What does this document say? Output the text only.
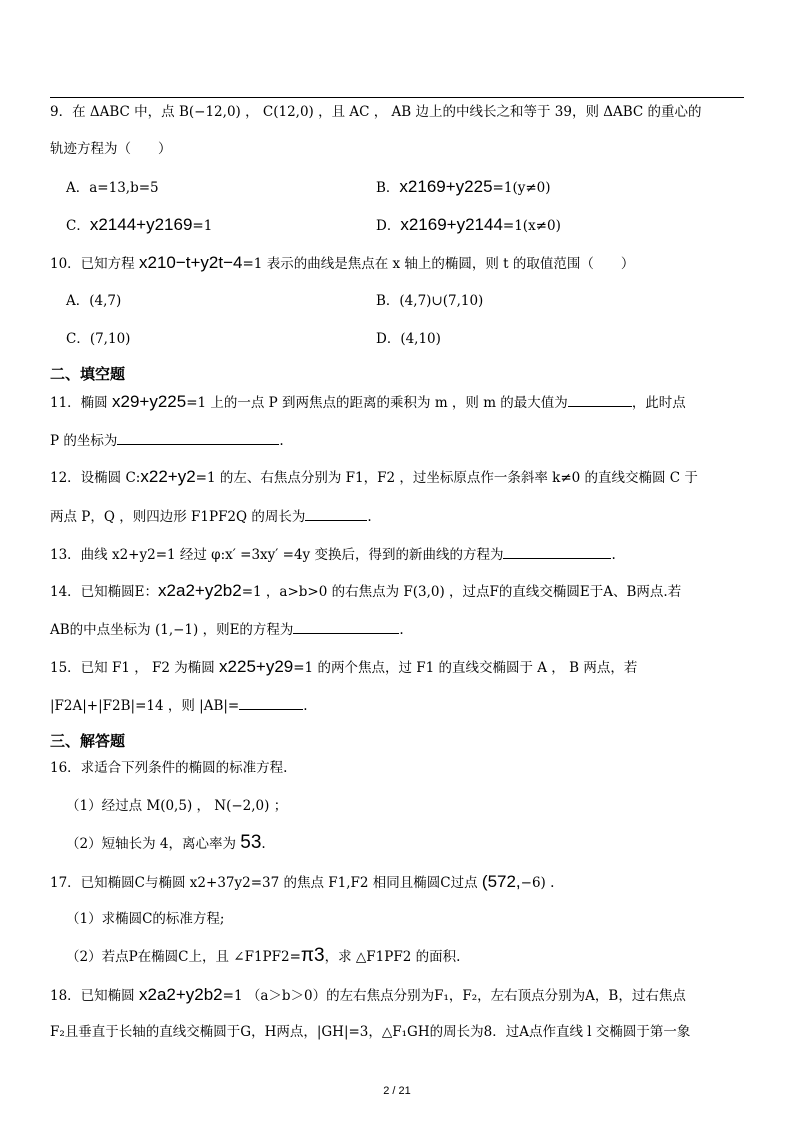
9．在 ΔABC 中，点 B(−12,0) ， C(12,0) ，且 AC ， AB 边上的中线长之和等于 39，则 ΔABC 的重心的
轨迹方程为（　　）
A．a=13,b=5	B．x2169+y225=1(y≠0)
C．x2144+y2169=1	D．x2169+y2144=1(x≠0)
10．已知方程 x210−t+y2t−4=1 表示的曲线是焦点在 x 轴上的椭圆，则 t 的取值范围（　　）
A．(4,7)	B．(4,7)∪(7,10)
C．(7,10)	D．(4,10)
二、填空题
11．椭圆 x29+y225=1 上的一点 P 到两焦点的距离的乘积为 m ，则 m 的最大值为	，此时点
P 的坐标为	.
12．设椭圆 C:x22+y2=1 的左、右焦点分别为 F1，F2 ，过坐标原点作一条斜率 k≠0 的直线交椭圆 C 于
两点 P，Q ，则四边形 F1PF2Q 的周长为	.
13．曲线 x2+y2=1 经过 φ:x′ =3xy′ =4y 变换后，得到的新曲线的方程为	.
14．已知椭圆E：x2a2+y2b2=1 ，a>b>0 的右焦点为 F(3,0) ，过点F的直线交椭圆E于A、B两点.若
AB的中点坐标为 (1,−1) ，则E的方程为	.
15．已知 F1 ， F2 为椭圆 x225+y29=1 的两个焦点，过 F1 的直线交椭圆于 A ， B 两点，若
|F2A|+|F2B|=14 ，则 |AB|=	.
三、解答题
16．求适合下列条件的椭圆的标准方程.
（1）经过点 M(0,5) ， N(−2,0) ；
（2）短轴长为 4，离心率为 53.
17．已知椭圆C与椭圆 x2+37y2=37 的焦点 F1,F2 相同且椭圆C过点 (572,−6) .
（1）求椭圆C的标准方程;
（2）若点P在椭圆C上，且 ∠F1PF2=π3，求 △F1PF2 的面积.
18．已知椭圆 x2a2+y2b2=1 （a＞b＞0）的左右焦点分别为F₁，F₂，左右顶点分别为A，B，过右焦点
F₂且垂直于长轴的直线交椭圆于G，H两点，|GH|=3，△F₁GH的周长为8．过A点作直线 l 交椭圆于第一象
2 / 21
